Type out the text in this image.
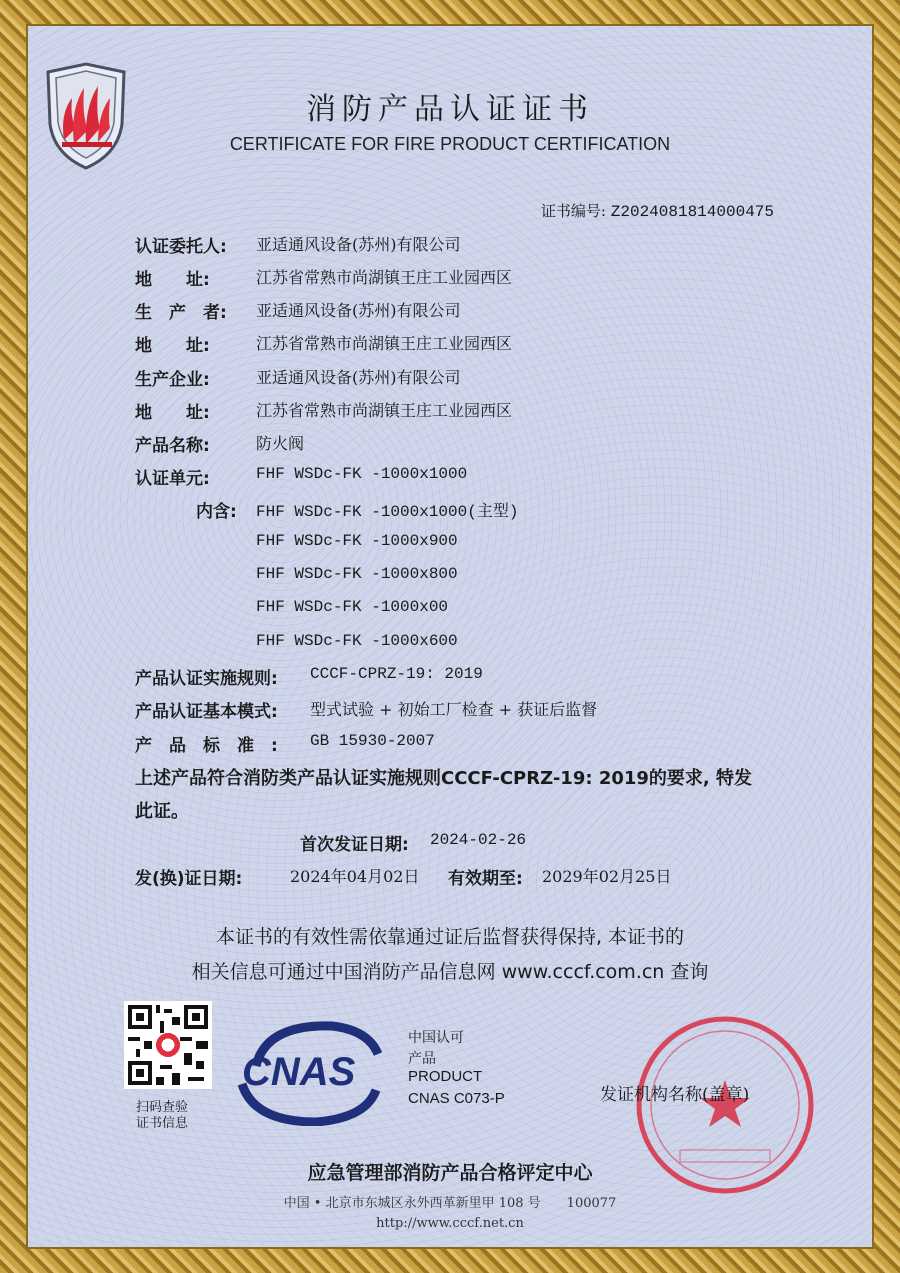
消防产品认证证书
CERTIFICATE FOR FIRE PRODUCT CERTIFICATION
证书编号: Z2024081814000475
认证委托人: 亚适通风设备(苏州)有限公司
地　　址:	江苏省常熟市尚湖镇王庄工业园西区
生　产　者: 亚适通风设备(苏州)有限公司
地　　址:	江苏省常熟市尚湖镇王庄工业园西区
生产企业:	亚适通风设备(苏州)有限公司
地　　址:	江苏省常熟市尚湖镇王庄工业园西区
产品名称:	防火阀
认证单元:	FHF WSDc-FK -1000x1000
内含: FHF WSDc-FK -1000x1000(主型)
FHF WSDc-FK -1000x900
FHF WSDc-FK -1000x800
FHF WSDc-FK -1000x00
FHF WSDc-FK -1000x600
产品认证实施规则: CCCF-CPRZ-19: 2019
产品认证基本模式: 型式试验 + 初始工厂检查 + 获证后监督
产　品　标　准　: GB 15930-2007
上述产品符合消防类产品认证实施规则CCCF-CPRZ-19: 2019的要求, 特发
此证。
首次发证日期: 2024-02-26
发(换)证日期:	2024年04月02日 有效期至: 2029年02月25日
本证书的有效性需依靠通过证后监督获得保持, 本证书的
相关信息可通过中国消防产品信息网 www.cccf.com.cn 查询
扫码查验
证书信息
CNAS
中国认可
产品
PRODUCT
CNAS C073-P	发证机构名称(盖章)
应急管理部消防产品合格评定中心
中国 • 北京市东城区永外西革新里甲 108 号　　100077
http://www.cccf.net.cn
